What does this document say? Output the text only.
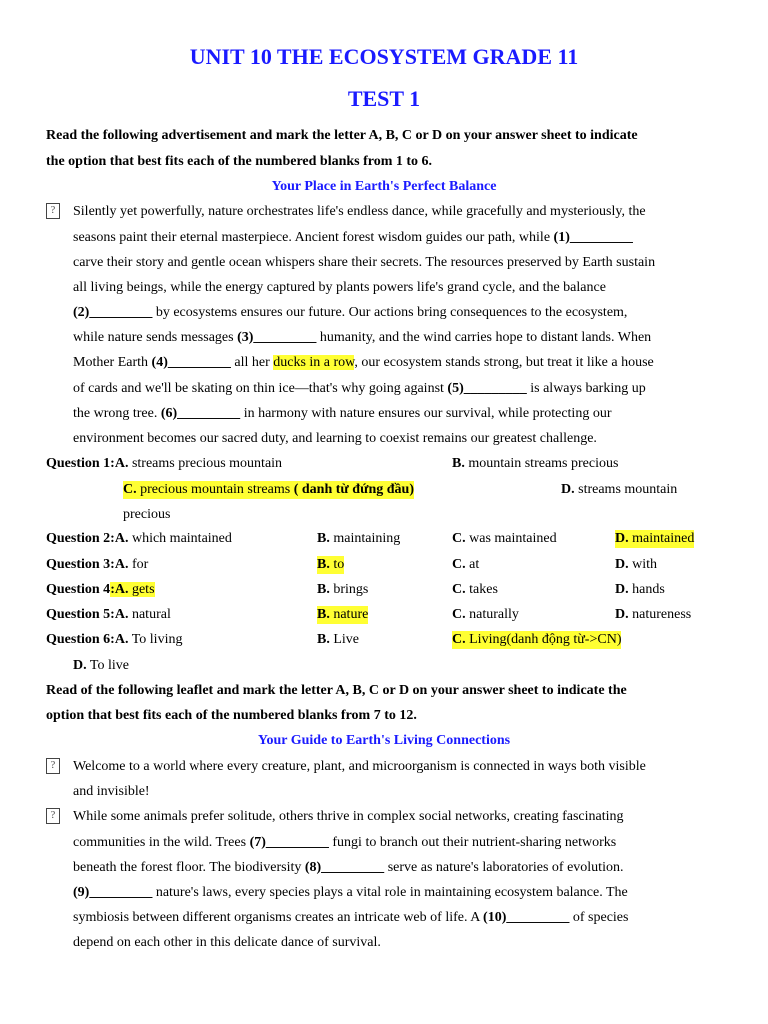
UNIT 10 THE ECOSYSTEM GRADE 11
TEST 1
Read the following advertisement and mark the letter A, B, C or D on your answer sheet to indicate
the option that best fits each of the numbered blanks from 1 to 6.
Your Place in Earth's Perfect Balance
?	Silently yet powerfully, nature orchestrates life's endless dance, while gracefully and mysteriously, the
seasons paint their eternal masterpiece. Ancient forest wisdom guides our path, while (1)_________
carve their story and gentle ocean whispers share their secrets. The resources preserved by Earth sustain
all living beings, while the energy captured by plants powers life's grand cycle, and the balance
(2)_________ by ecosystems ensures our future. Our actions bring consequences to the ecosystem,
while nature sends messages (3)_________ humanity, and the wind carries hope to distant lands. When
Mother Earth (4)_________ all her ducks in a row, our ecosystem stands strong, but treat it like a house
of cards and we'll be skating on thin ice—that's why going against (5)_________ is always barking up
the wrong tree. (6)_________ in harmony with nature ensures our survival, while protecting our
environment becomes our sacred duty, and learning to coexist remains our greatest challenge.
Question 1:A. streams precious mountain	B. mountain streams precious
C. precious mountain streams ( danh từ đứng đầu)	D. streams mountain
precious
Question 2:A. which maintained	B. maintaining	C. was maintained	D. maintained
Question 3:A. for	B. to	C. at	D. with
Question 4:A. gets	B. brings	C. takes	D. hands
Question 5:A. natural	B. nature	C. naturally	D. natureness
Question 6:A. To living	B. Live	C. Living(danh động từ->CN)
D. To live
Read of the following leaflet and mark the letter A, B, C or D on your answer sheet to indicate the
option that best fits each of the numbered blanks from 7 to 12.
Your Guide to Earth's Living Connections
?	Welcome to a world where every creature, plant, and microorganism is connected in ways both visible
and invisible!
?	While some animals prefer solitude, others thrive in complex social networks, creating fascinating
communities in the wild. Trees (7)_________ fungi to branch out their nutrient-sharing networks
beneath the forest floor. The biodiversity (8)_________ serve as nature's laboratories of evolution.
(9)_________ nature's laws, every species plays a vital role in maintaining ecosystem balance. The
symbiosis between different organisms creates an intricate web of life. A (10)_________ of species
depend on each other in this delicate dance of survival.
